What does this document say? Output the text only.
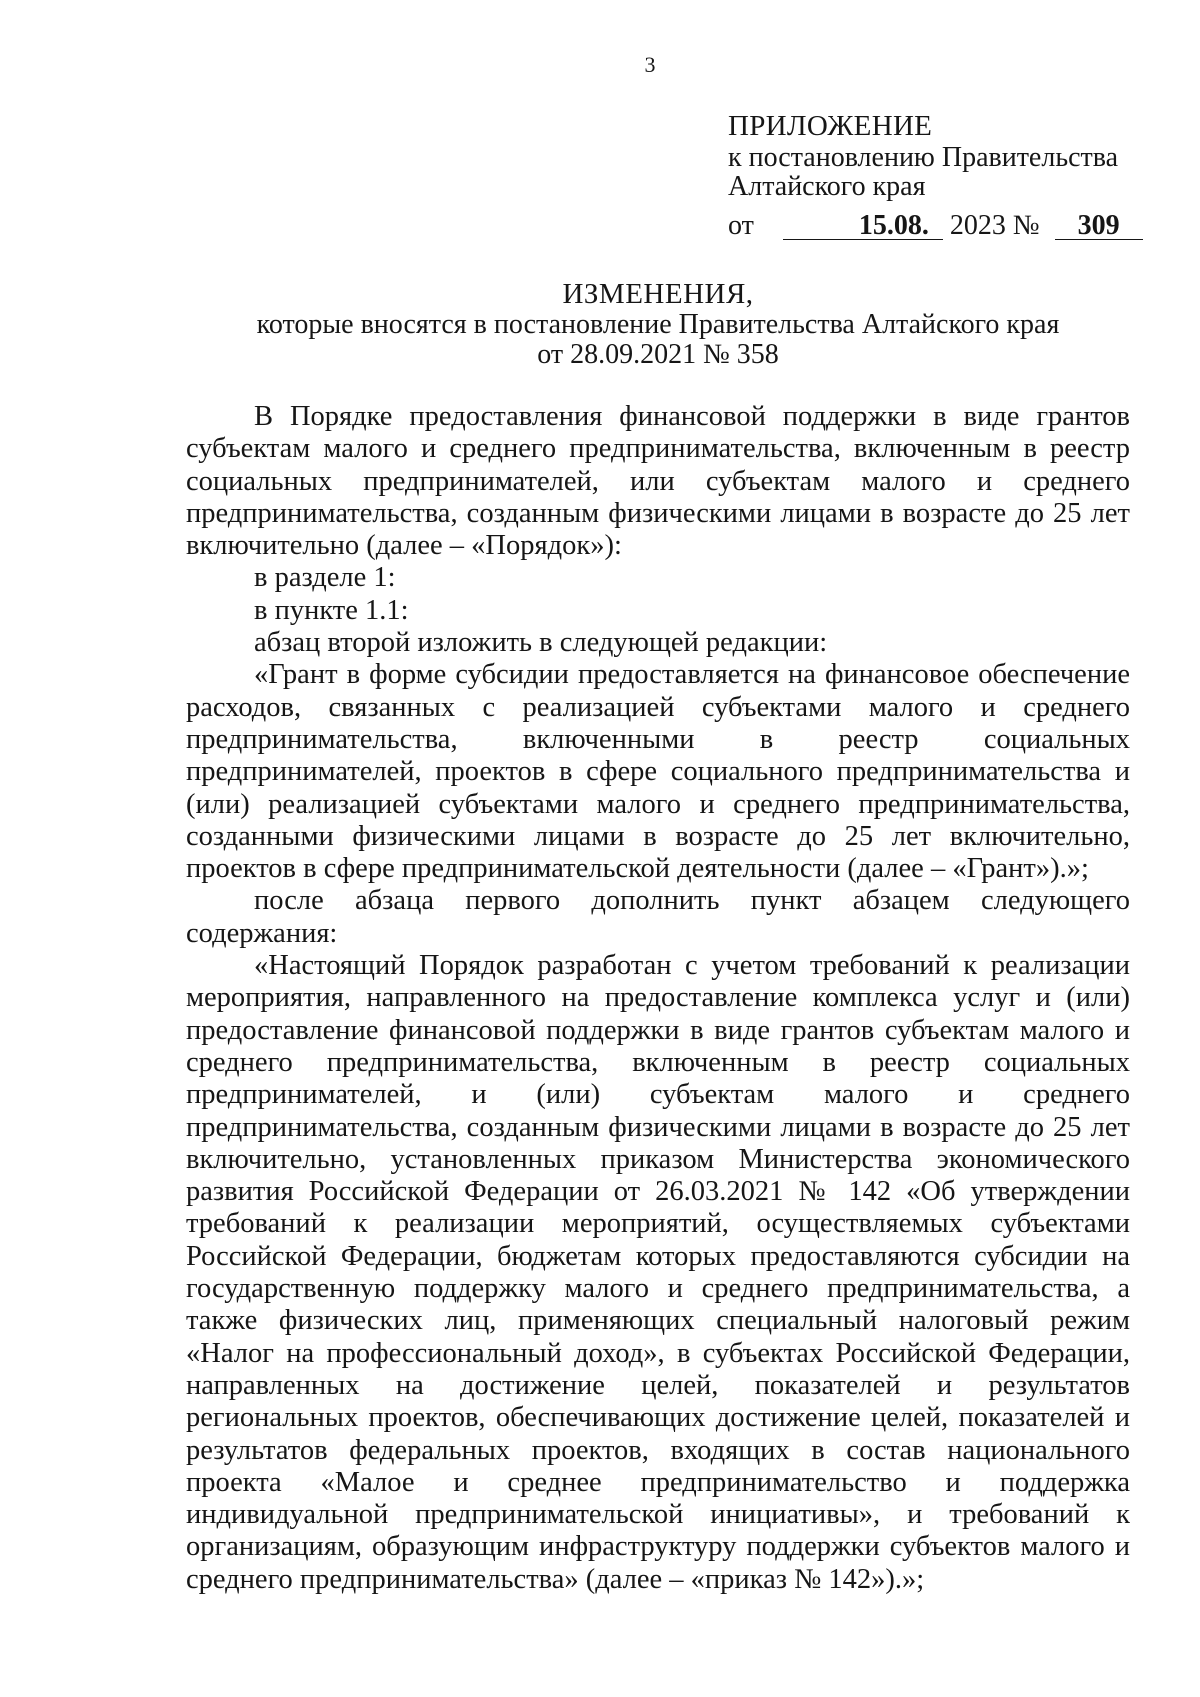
3
ПРИЛОЖЕНИЕ
к постановлению Правительства
Алтайского края
от	15.08. 2023 № 309
ИЗМЕНЕНИЯ,
которые вносятся в постановление Правительства Алтайского края
от 28.09.2021 № 358

В Порядке предоставления финансовой поддержки в виде грантов субъектам малого и среднего предпринимательства, включенным в реестр социальных предпринимателей, или субъектам малого и среднего предпринимательства, созданным физическими лицами в возрасте до 25 лет включительно (далее – «Порядок»):

в разделе 1:

в пункте 1.1:

абзац второй изложить в следующей редакции:

«Грант в форме субсидии предоставляется на финансовое обеспечение расходов, связанных с реализацией субъектами малого и среднего предпринимательства, включенными в реестр социальных предпринимателей, проектов в сфере социального предпринимательства и (или) реализацией субъектами малого и среднего предпринимательства, созданными физическими лицами в возрасте до 25 лет включительно, проектов в сфере предпринимательской деятельности (далее – «Грант»).»;

после абзаца первого дополнить пункт абзацем следующего содержания:

«Настоящий Порядок разработан с учетом требований к реализации мероприятия, направленного на предоставление комплекса услуг и (или) предоставление финансовой поддержки в виде грантов субъектам малого и среднего предпринимательства, включенным в реестр социальных предпринимателей, и (или) субъектам малого и среднего предпринимательства, созданным физическими лицами в возрасте до 25 лет включительно, установленных приказом Министерства экономического развития Российской Федерации от 26.03.2021 № 142 «Об утверждении требований к реализации мероприятий, осуществляемых субъектами Российской Федерации, бюджетам которых предоставляются субсидии на государственную поддержку малого и среднего предпринимательства, а также физических лиц, применяющих специальный налоговый режим «Налог на профессиональный доход», в субъектах Российской Федерации, направленных на достижение целей, показателей и результатов региональных проектов, обеспечивающих достижение целей, показателей и результатов федеральных проектов, входящих в состав национального проекта «Малое и среднее предпринимательство и поддержка индивидуальной предпринимательской инициативы», и требований к организациям, образующим инфраструктуру поддержки субъектов малого и среднего предпринимательства» (далее – «приказ № 142»).»;
